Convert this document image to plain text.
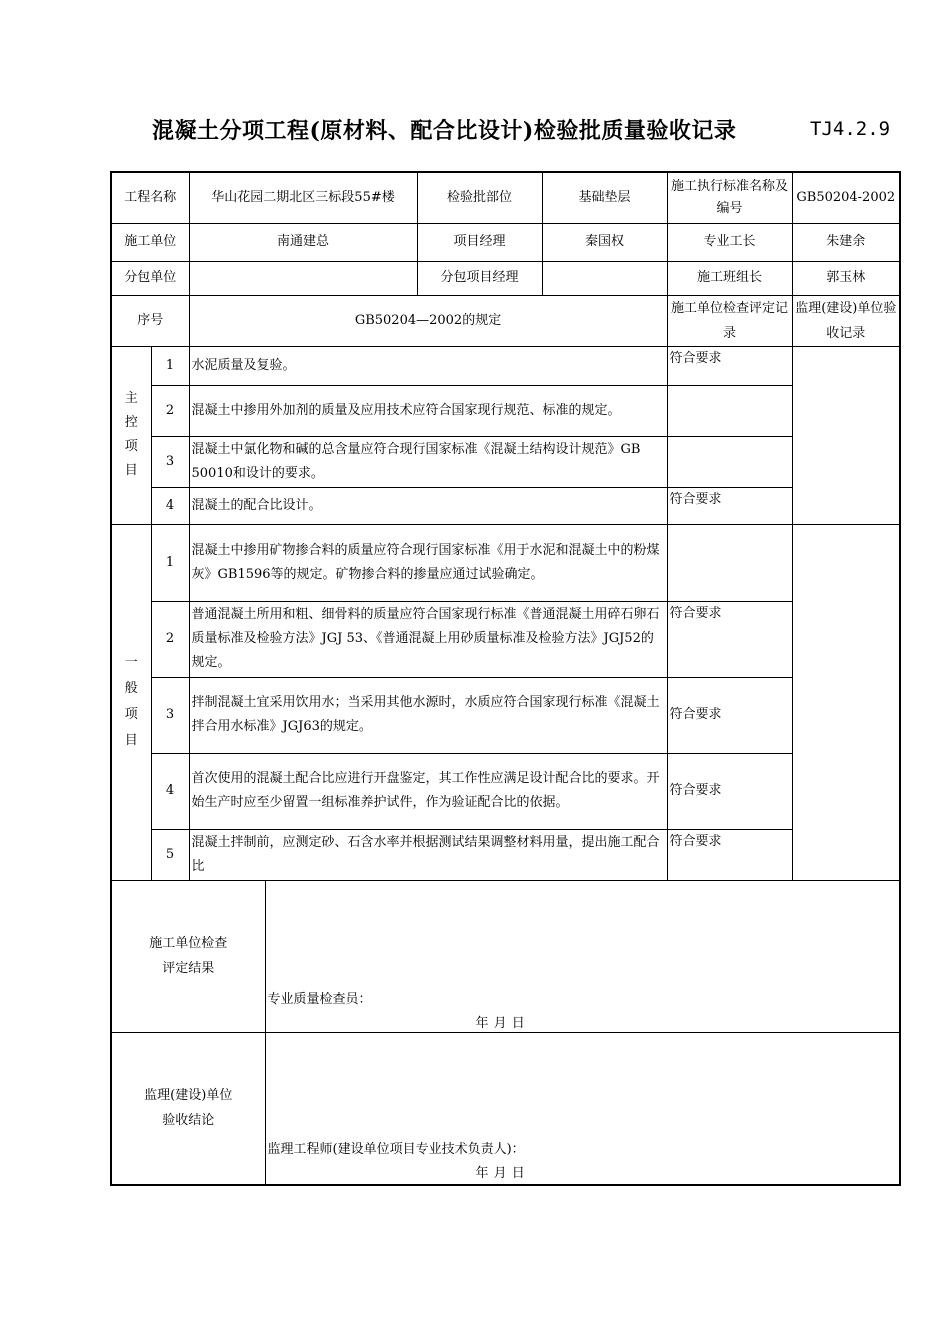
混凝土分项工程(原材料、配合比设计)检验批质量验收记录	TJ4.2.9
工程名称		华山花园二期北区三标段55#楼		检验批部位	基础垫层	施工执行标准名称及编号	GB50204-2002
施工单位		南通建总		项目经理	秦国权	专业工长	朱建余
分包单位				分包项目经理		施工班组长	郭玉林
序号		GB50204—2002的规定				施工单位检查评定记录	监理(建设)单位验收记录
主控项目	1	水泥质量及复验。				符合要求	
	2	混凝土中掺用外加剂的质量及应用技术应符合国家现行规范、标准的规定。					
	3	混凝土中氯化物和碱的总含量应符合现行国家标准《混凝土结构设计规范》GB 50010和设计的要求。					
	4	混凝土的配合比设计。				符合要求	
一般项目	1	混凝土中掺用矿物掺合料的质量应符合现行国家标准《用于水泥和混凝土中的粉煤灰》GB1596等的规定。矿物掺合料的掺量应通过试验确定。					
	2	普通混凝土所用和粗、细骨料的质量应符合国家现行标准《普通混凝土用碎石卵石质量标准及检验方法》JGJ 53、《普通混凝上用砂质量标准及检验方法》JGJ52的规定。				符合要求	
	3	拌制混凝土宜采用饮用水；当采用其他水源时，水质应符合国家现行标准《混凝土拌合用水标准》JGJ63的规定。				符合要求	
	4	首次使用的混凝土配合比应进行开盘鉴定，其工作性应满足设计配合比的要求。开始生产时应至少留置一组标准养护试件，作为验证配合比的依据。				符合要求	
	5	混凝土拌制前，应测定砂、石含水率并根据测试结果调整材料用量，提出施工配合比				符合要求	
施工单位检查评定结果			专业质量检查员：
年 月 日				

监理(建设)单位验收结论			监理工程师(建设单位项目专业技术负责人)：
年 月 日				
